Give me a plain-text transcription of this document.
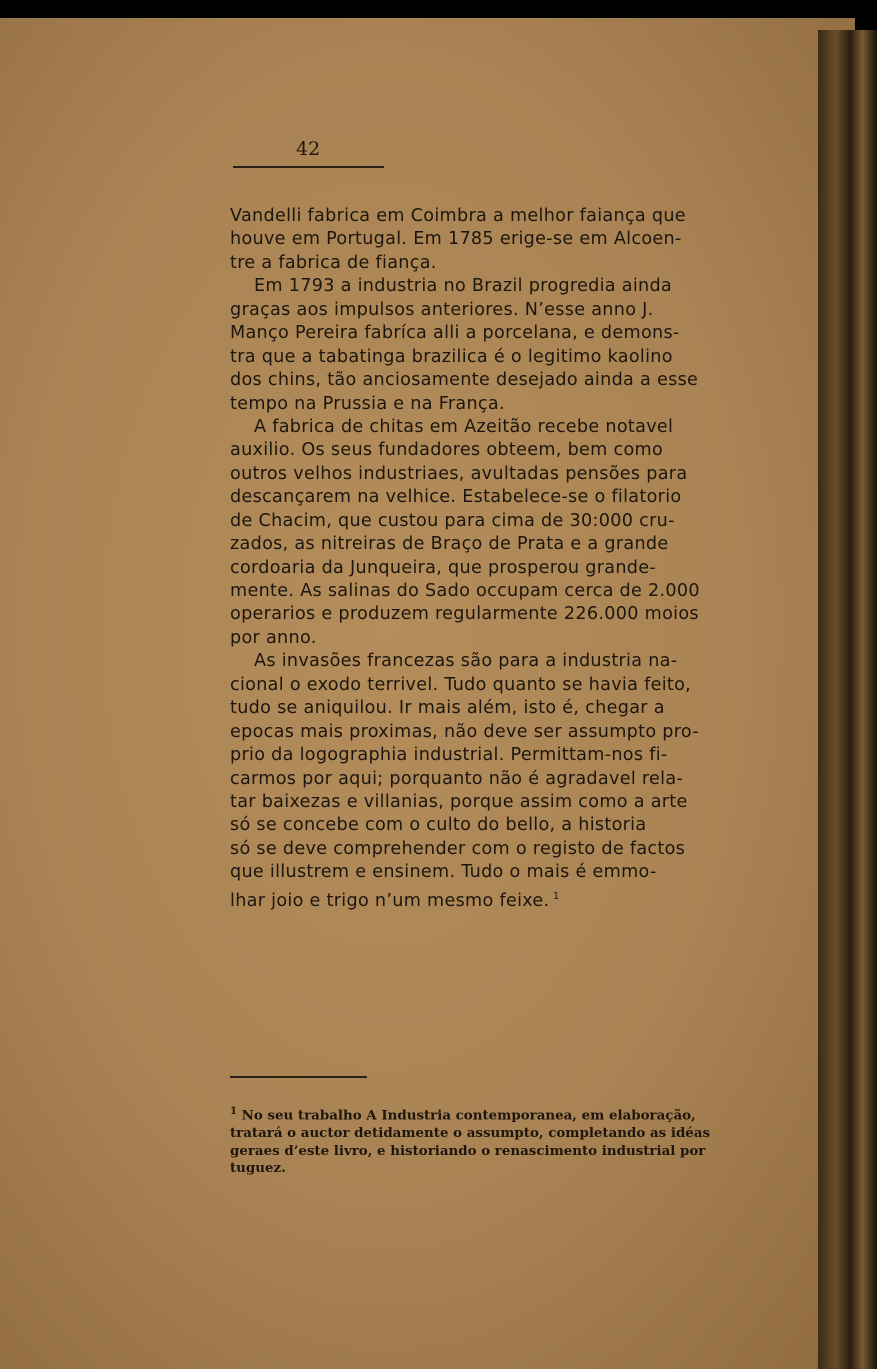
42
Vandelli fabrica em Coimbra a melhor faiança que
houve em Portugal. Em 1785 erige-se em Alcoen-
tre a fabrica de fiança.
Em 1793 a industria no Brazil progredia ainda
graças aos impulsos anteriores. N’esse anno J.
Manço Pereira fabríca alli a porcelana, e demons-
tra que a tabatinga brazilica é o legitimo kaolino
dos chins, tão anciosamente desejado ainda a esse
tempo na Prussia e na França.
A fabrica de chitas em Azeitão recebe notavel
auxilio. Os seus fundadores obteem, bem como
outros velhos industriaes, avultadas pensões para
descançarem na velhice. Estabelece-se o filatorio
de Chacim, que custou para cima de 30:000 cru-
zados, as nitreiras de Braço de Prata e a grande
cordoaria da Junqueira, que prosperou grande-
mente. As salinas do Sado occupam cerca de 2.000
operarios e produzem regularmente 226.000 moios
por anno.
As invasões francezas são para a industria na-
cional o exodo terrivel. Tudo quanto se havia feito,
tudo se aniquilou. Ir mais além, isto é, chegar a
epocas mais proximas, não deve ser assumpto pro-
prio da logographia industrial. Permittam-nos fi-
carmos por aqui; porquanto não é agradavel rela-
tar baixezas e villanias, porque assim como a arte
só se concebe com o culto do bello, a historia
só se deve comprehender com o registo de factos
que illustrem e ensinem. Tudo o mais é emmo-
lhar joio e trigo n’um mesmo feixe. $^1$
$^1$ No seu trabalho A Industria contemporanea, em elaboração,
tratará o auctor detidamente o assumpto, completando as idéas
geraes d’este livro, e historiando o renascimento industrial por
tuguez.
